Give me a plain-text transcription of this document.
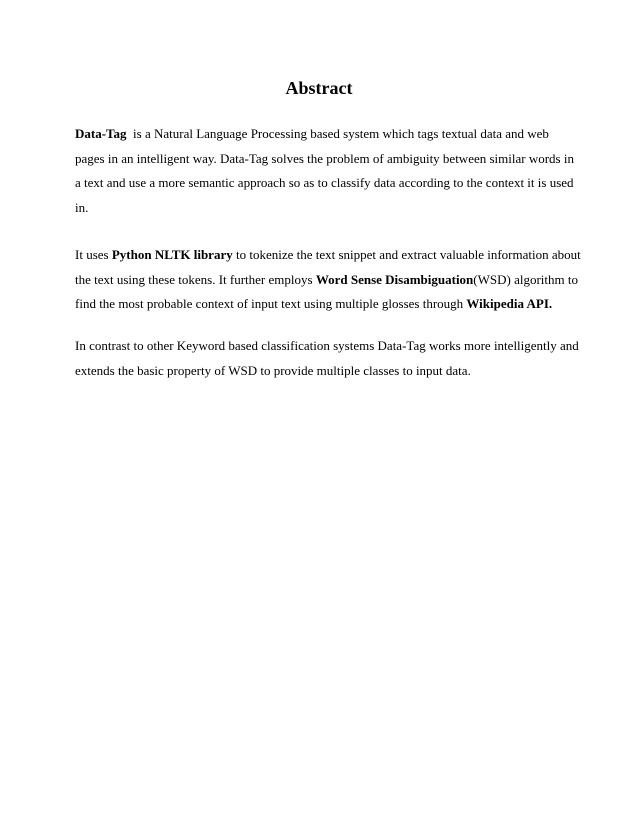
Abstract

Data-Tag  is a Natural Language Processing based system which tags textual data and web
pages in an intelligent way. Data-Tag solves the problem of ambiguity between similar words in
a text and use a more semantic approach so as to classify data according to the context it is used
in.

It uses Python NLTK library to tokenize the text snippet and extract valuable information about
the text using these tokens. It further employs Word Sense Disambiguation(WSD) algorithm to
find the most probable context of input text using multiple glosses through Wikipedia API.

In contrast to other Keyword based classification systems Data-Tag works more intelligently and
extends the basic property of WSD to provide multiple classes to input data.
